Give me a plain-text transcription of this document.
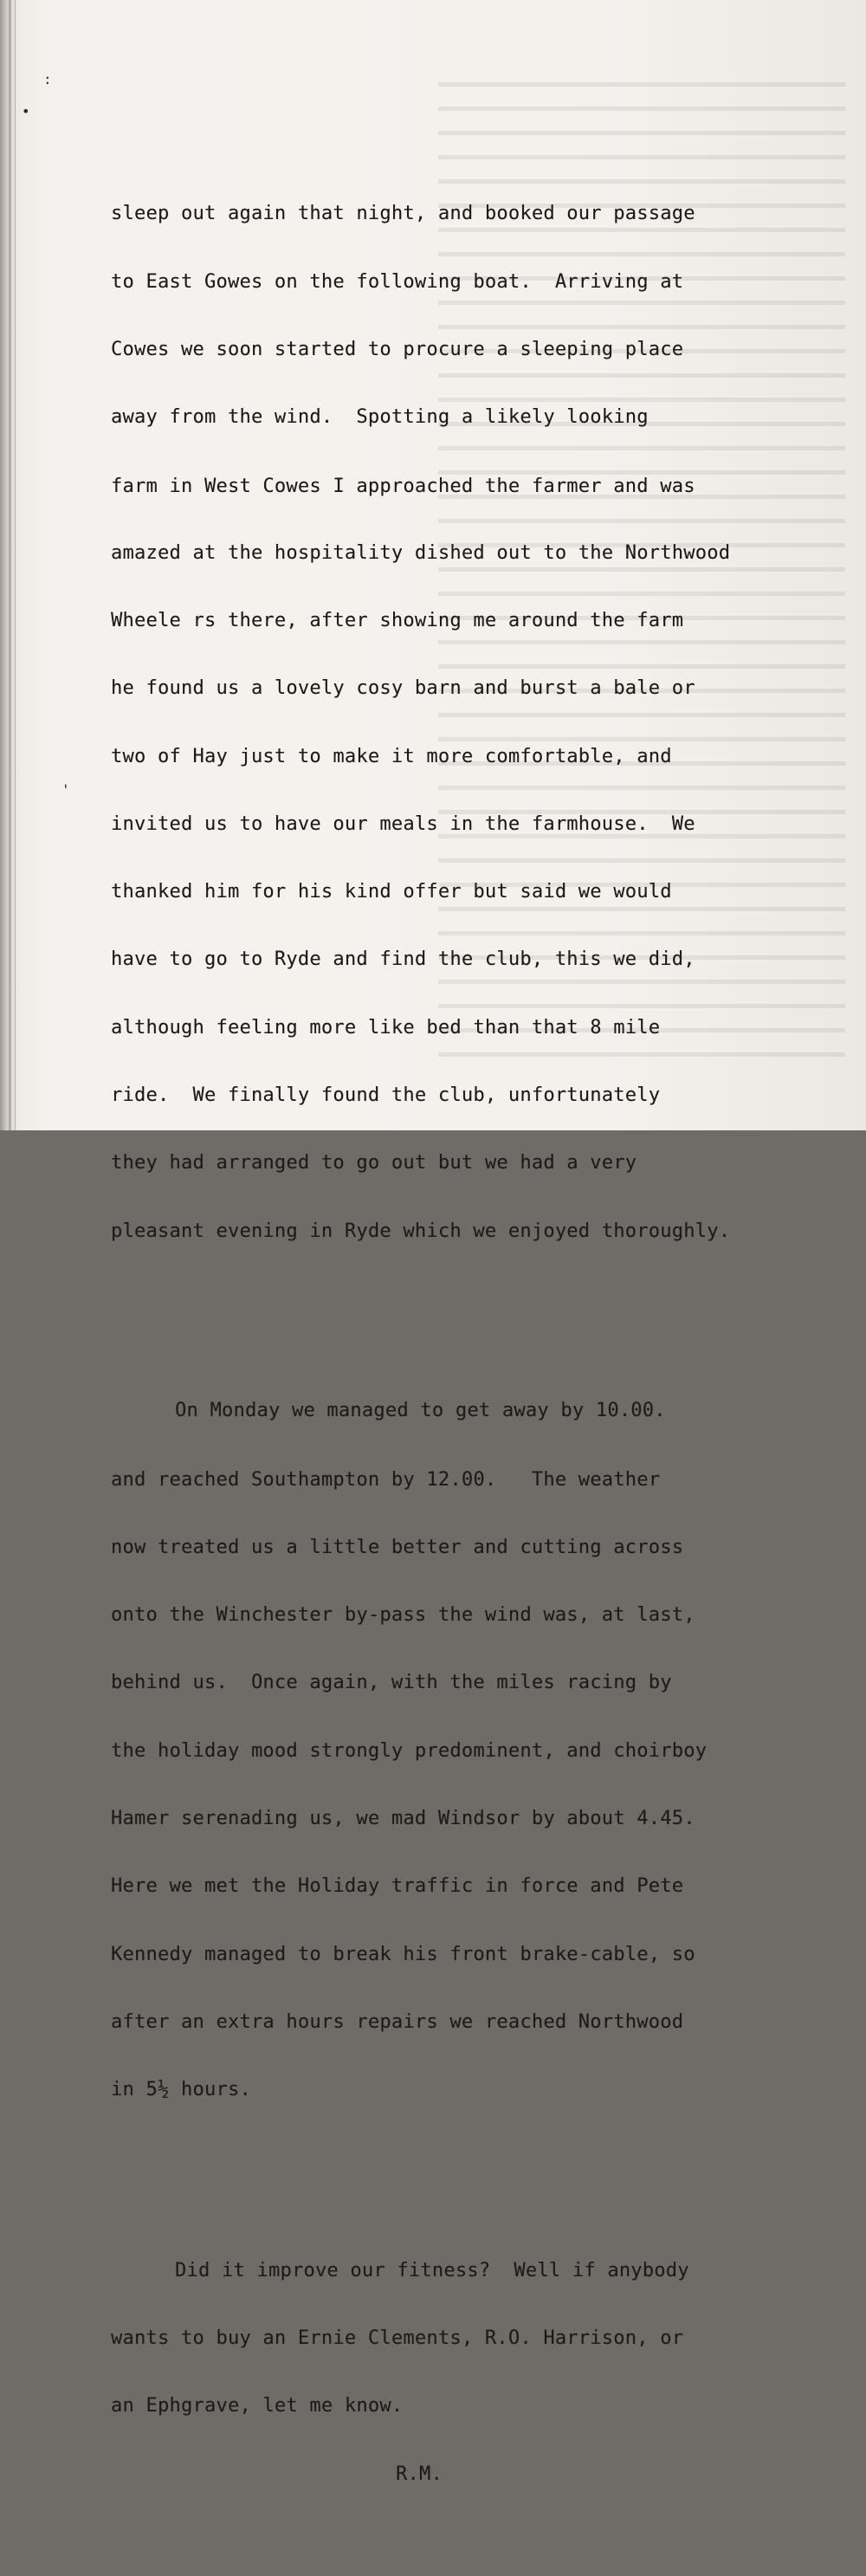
:
•
'

sleep out again that night, and booked our passage

to East Gowes on the following boat.  Arriving at

Cowes we soon started to procure a sleeping place

away from the wind.  Spotting a likely looking

farm in West Cowes I approached the farmer and was

amazed at the hospitality dished out to the Northwood

Wheele rs there, after showing me around the farm

he found us a lovely cosy barn and burst a bale or

two of Hay just to make it more comfortable, and

invited us to have our meals in the farmhouse.  We

thanked him for his kind offer but said we would

have to go to Ryde and find the club, this we did,

although feeling more like bed than that 8 mile

ride.  We finally found the club, unfortunately

they had arranged to go out but we had a very

pleasant evening in Ryde which we enjoyed thoroughly.

On Monday we managed to get away by 10.00.

and reached Southampton by 12.00.   The weather

now treated us a little better and cutting across

onto the Winchester by-pass the wind was, at last,

behind us.  Once again, with the miles racing by

the holiday mood strongly predominent, and choirboy

Hamer serenading us, we mad Windsor by about 4.45.

Here we met the Holiday traffic in force and Pete

Kennedy managed to break his front brake-cable, so

after an extra hours repairs we reached Northwood

in 5½ hours.

Did it improve our fitness?  Well if anybody

wants to buy an Ernie Clements, R.O. Harrison, or

an Ephgrave, let me know.

R.M.
